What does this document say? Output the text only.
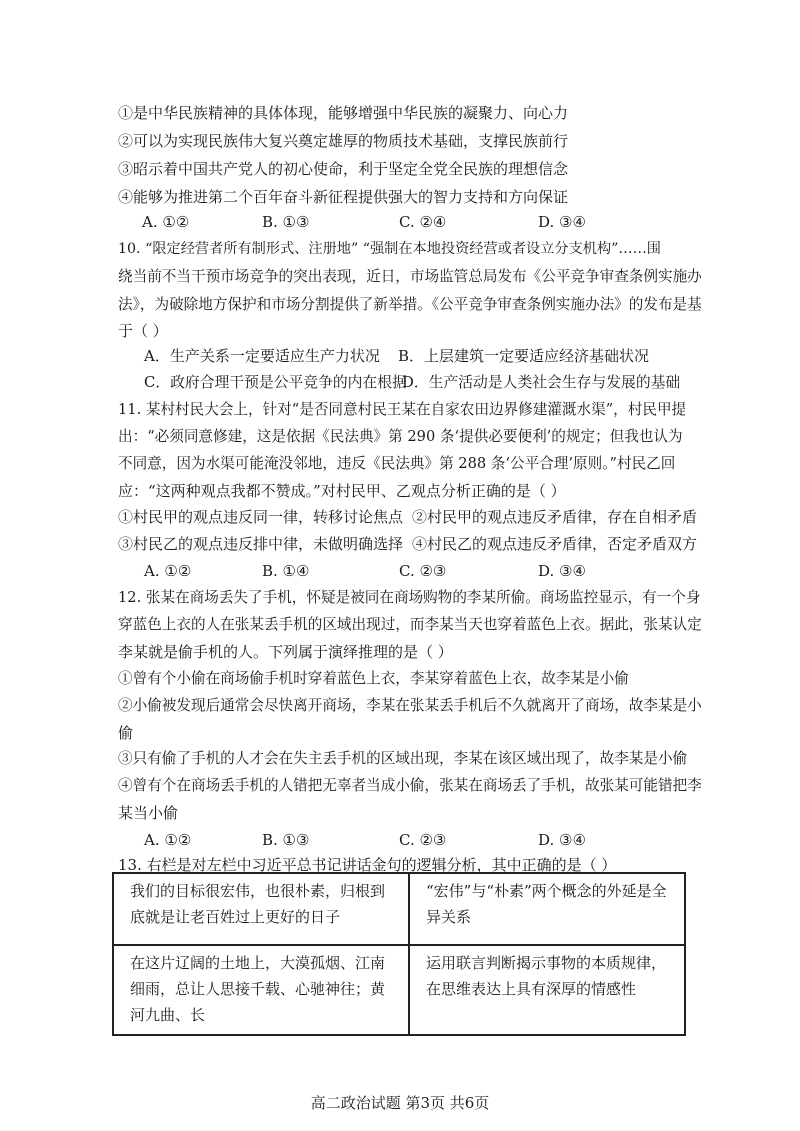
①是中华民族精神的具体体现，能够增强中华民族的凝聚力、向心力
②可以为实现民族伟大复兴奠定雄厚的物质技术基础，支撑民族前行
③昭示着中国共产党人的初心使命，利于坚定全党全民族的理想信念
④能够为推进第二个百年奋斗新征程提供强大的智力支持和方向保证
A. ①②	B. ①③	C. ②④	D. ③④
10. “限定经营者所有制形式、注册地” “强制在本地投资经营或者设立分支机构”……围
绕当前不当干预市场竞争的突出表现，近日，市场监管总局发布《公平竞争审查条例实施办
法》，为破除地方保护和市场分割提供了新举措。《公平竞争审查条例实施办法》的发布是基
于（ ）
A．生产关系一定要适应生产力状况 B．上层建筑一定要适应经济基础状况
C．政府合理干预是公平竞争的内在根据
D．生产活动是人类社会生存与发展的基础
11. 某村村民大会上，针对“是否同意村民王某在自家农田边界修建灌溉水渠”，村民甲提
出：“必须同意修建，这是依据《民法典》第 290 条‘提供必要便利’的规定；但我也认为
不同意，因为水渠可能淹没邻地，违反《民法典》第 288 条‘公平合理’原则。”村民乙回
应：“这两种观点我都不赞成。”对村民甲、乙观点分析正确的是（ ）
①村民甲的观点违反同一律，转移讨论焦点 ②村民甲的观点违反矛盾律，存在自相矛盾
③村民乙的观点违反排中律，未做明确选择 ④村民乙的观点违反矛盾律，否定矛盾双方
A. ①②	B. ①④	C. ②③	D. ③④
12. 张某在商场丢失了手机，怀疑是被同在商场购物的李某所偷。商场监控显示，有一个身
穿蓝色上衣的人在张某丢手机的区域出现过，而李某当天也穿着蓝色上衣。据此，张某认定
李某就是偷手机的人。下列属于演绎推理的是（ ）
①曾有个小偷在商场偷手机时穿着蓝色上衣，李某穿着蓝色上衣，故李某是小偷
②小偷被发现后通常会尽快离开商场，李某在张某丢手机后不久就离开了商场，故李某是小
偷
③只有偷了手机的人才会在失主丢手机的区域出现，李某在该区域出现了，故李某是小偷
④曾有个在商场丢手机的人错把无辜者当成小偷，张某在商场丢了手机，故张某可能错把李
某当小偷
A. ①②	B. ①③	C. ②③	D. ③④
13. 右栏是对左栏中习近平总书记讲话金句的逻辑分析，其中正确的是（ ）
我们的目标很宏伟，也很朴素，归根到底就是让老百姓过上更好的日子	“宏伟”与“朴素”两个概念的外延是全异关系
在这片辽阔的土地上，大漠孤烟、江南细雨，总让人思接千载、心驰神往；黄河九曲、长	运用联言判断揭示事物的本质规律，在思维表达上具有深厚的情感性
高二政治试题 第3页 共6页
